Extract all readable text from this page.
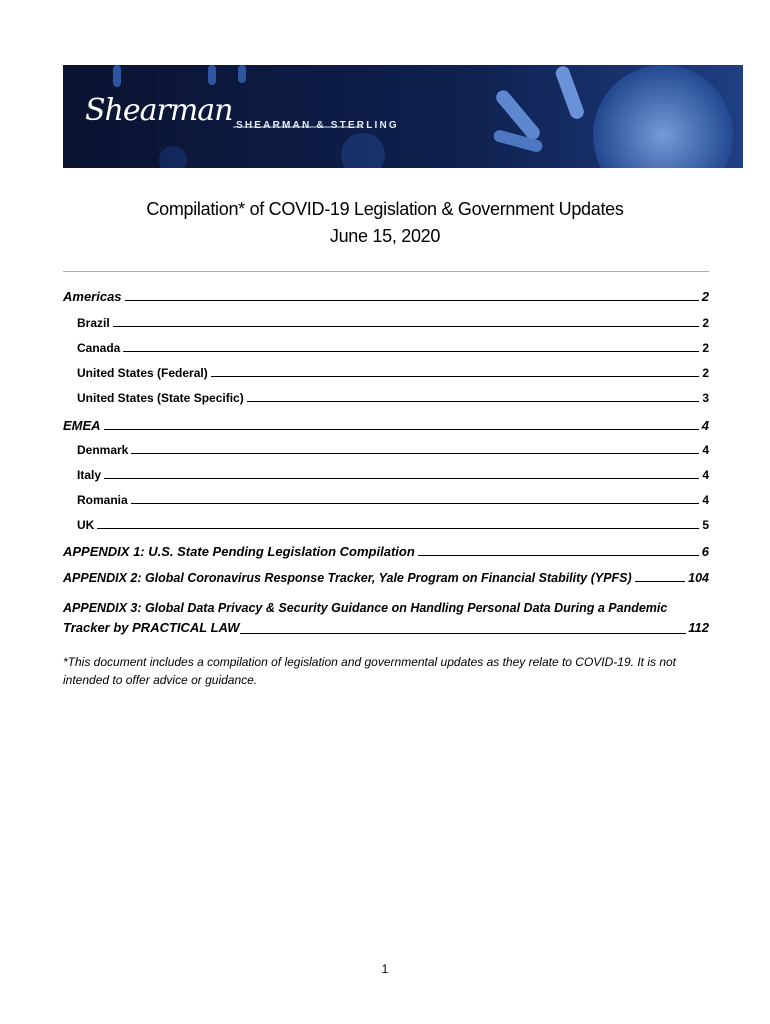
Shearman SHEARMAN & STERLING
Compilation* of COVID-19 Legislation & Government Updates
June 15, 2020
Americas	2
Brazil	2
Canada	2
United States (Federal)	2
United States (State Specific)	3
EMEA	4
Denmark	4
Italy	4
Romania	4
UK	5
APPENDIX 1: U.S. State Pending Legislation Compilation	6
APPENDIX 2: Global Coronavirus Response Tracker, Yale Program on Financial Stability (YPFS)	104
APPENDIX 3: Global Data Privacy & Security Guidance on Handling Personal Data During a Pandemic
Tracker by PRACTICAL LAW	112
*This document includes a compilation of legislation and governmental updates as they relate to COVID-19. It is not intended to offer advice or guidance.
1
